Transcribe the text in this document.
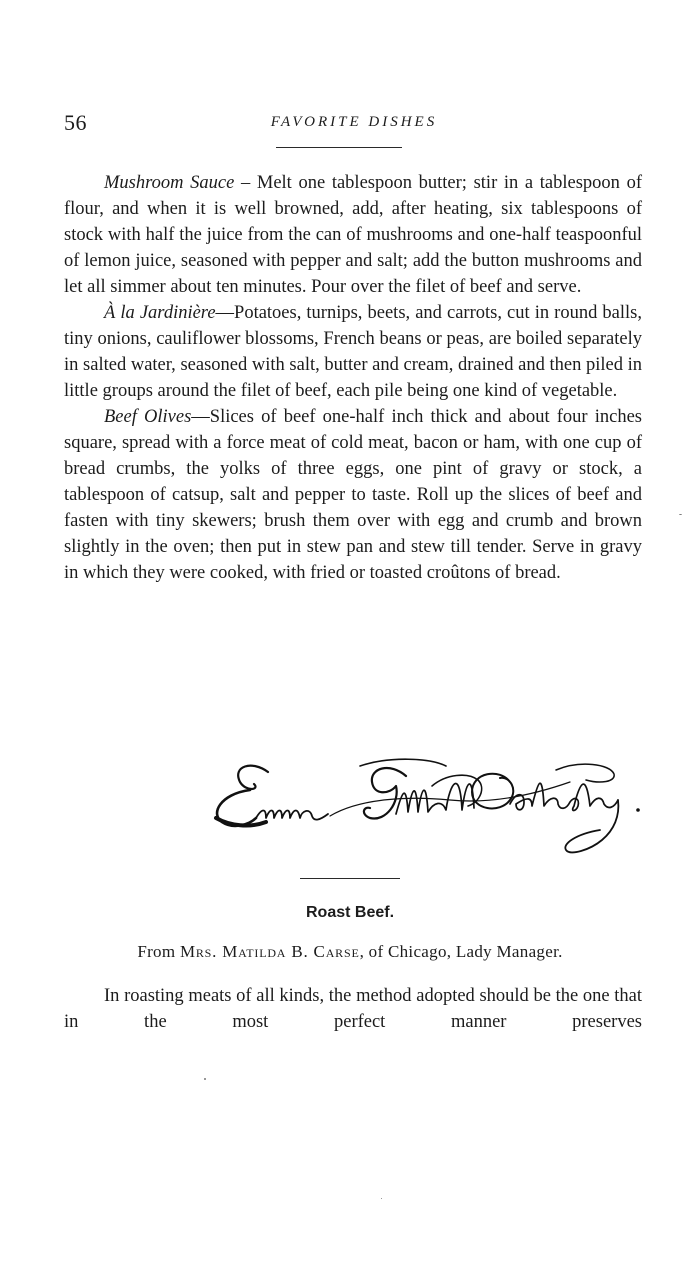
56	FAVORITE DISHES

Mushroom Sauce – Melt one tablespoon butter; stir in a tablespoon of flour, and when it is well browned, add, after heating, six tablespoons of stock with half the juice from the can of mushrooms and one-half teaspoonful of lemon juice, seasoned with pepper and salt; add the button mushrooms and let all simmer about ten minutes. Pour over the filet of beef and serve.

À la Jardinière—Potatoes, turnips, beets, and carrots, cut in round balls, tiny onions, cauliflower blossoms, French beans or peas, are boiled separately in salted water, seasoned with salt, butter and cream, drained and then piled in little groups around the filet of beef, each pile being one kind of vegetable.

Beef Olives—Slices of beef one-half inch thick and about four inches square, spread with a force meat of cold meat, bacon or ham, with one cup of bread crumbs, the yolks of three eggs, one pint of gravy or stock, a tablespoon of catsup, salt and pepper to taste. Roll up the slices of beef and fasten with tiny skewers; brush them over with egg and crumb and brown slightly in the oven; then put in stew pan and stew till tender. Serve in gravy in which they were cooked, with fried or toasted croûtons of bread.

Roast Beef.
From Mrs. Matilda B. Carse, of Chicago, Lady Manager.

In roasting meats of all kinds, the method adopted should be the one that in the most perfect manner preserves
